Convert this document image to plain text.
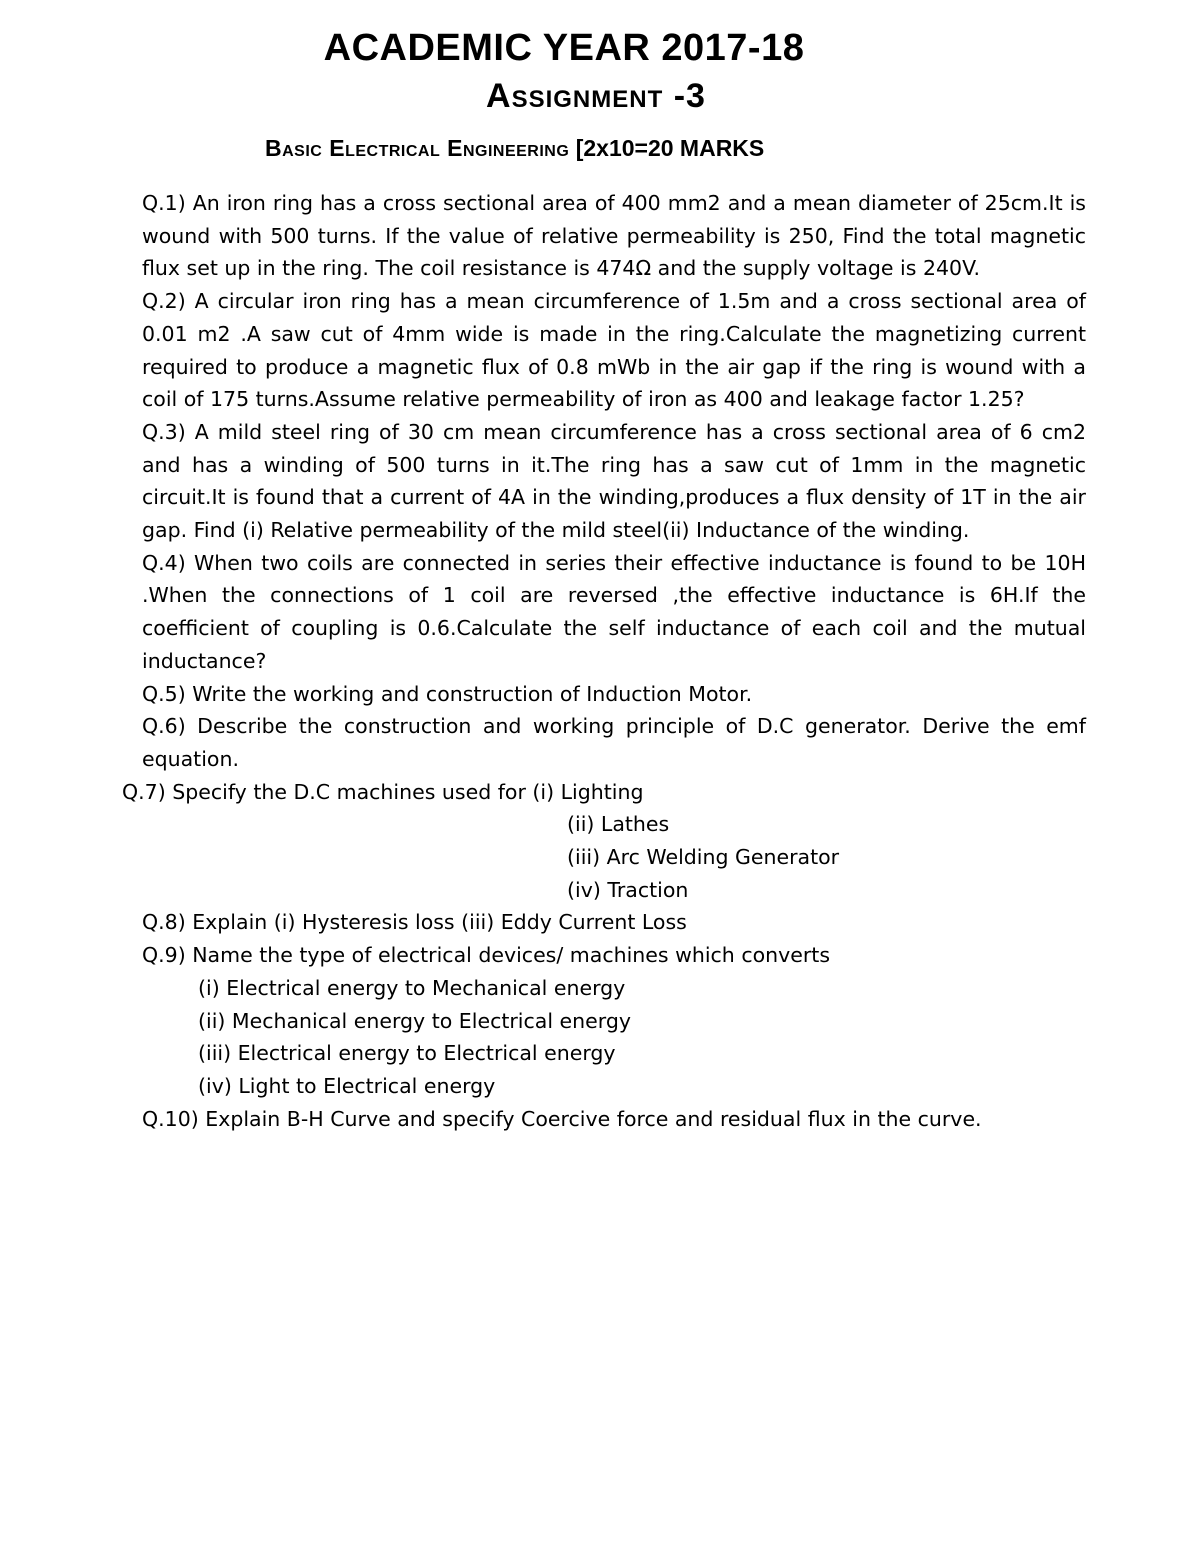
ACADEMIC YEAR 2017-18
Assignment -3
Basic Electrical Engineering [2x10=20 MARKS

Q.1) An iron ring has a cross sectional area of 400 mm2 and a mean diameter of 25cm.It is wound with 500 turns. If the value of relative permeability is 250, Find the total magnetic flux set up in the ring. The coil resistance is 474Ω and the supply voltage is 240V.

Q.2) A circular iron ring has a mean circumference of 1.5m and a cross sectional area of 0.01 m2 .A saw cut of 4mm wide is made in the ring.Calculate the magnetizing current required to produce a magnetic flux of 0.8 mWb in the air gap if the ring is wound with a coil of 175 turns.Assume relative permeability of iron as 400 and leakage factor 1.25?

Q.3) A mild steel ring of 30 cm mean circumference has a cross sectional area of 6 cm2 and has a winding of 500 turns in it.The ring has a saw cut of 1mm in the magnetic circuit.It is found that a current of 4A in the winding,produces a flux density of 1T in the air gap. Find (i) Relative permeability of the mild steel(ii) Inductance of the winding.

Q.4) When two coils are connected in series their effective inductance is found to be 10H .When the connections of 1 coil are reversed ,the effective inductance is 6H.If the coefficient of coupling is 0.6.Calculate the self inductance of each coil and the mutual inductance?

Q.5) Write the working and construction of Induction Motor.

Q.6) Describe the construction and working principle of D.C generator. Derive the emf equation.

Q.7) Specify the D.C machines used for (i) Lighting

(ii) Lathes
(iii) Arc Welding Generator
(iv) Traction

Q.8) Explain (i) Hysteresis loss (iii) Eddy Current Loss

Q.9) Name the type of electrical devices/ machines which converts

(i) Electrical energy to Mechanical energy
(ii) Mechanical energy to Electrical energy
(iii) Electrical energy to Electrical energy
(iv) Light to Electrical energy

Q.10) Explain B-H Curve and specify Coercive force and residual flux in the curve.
